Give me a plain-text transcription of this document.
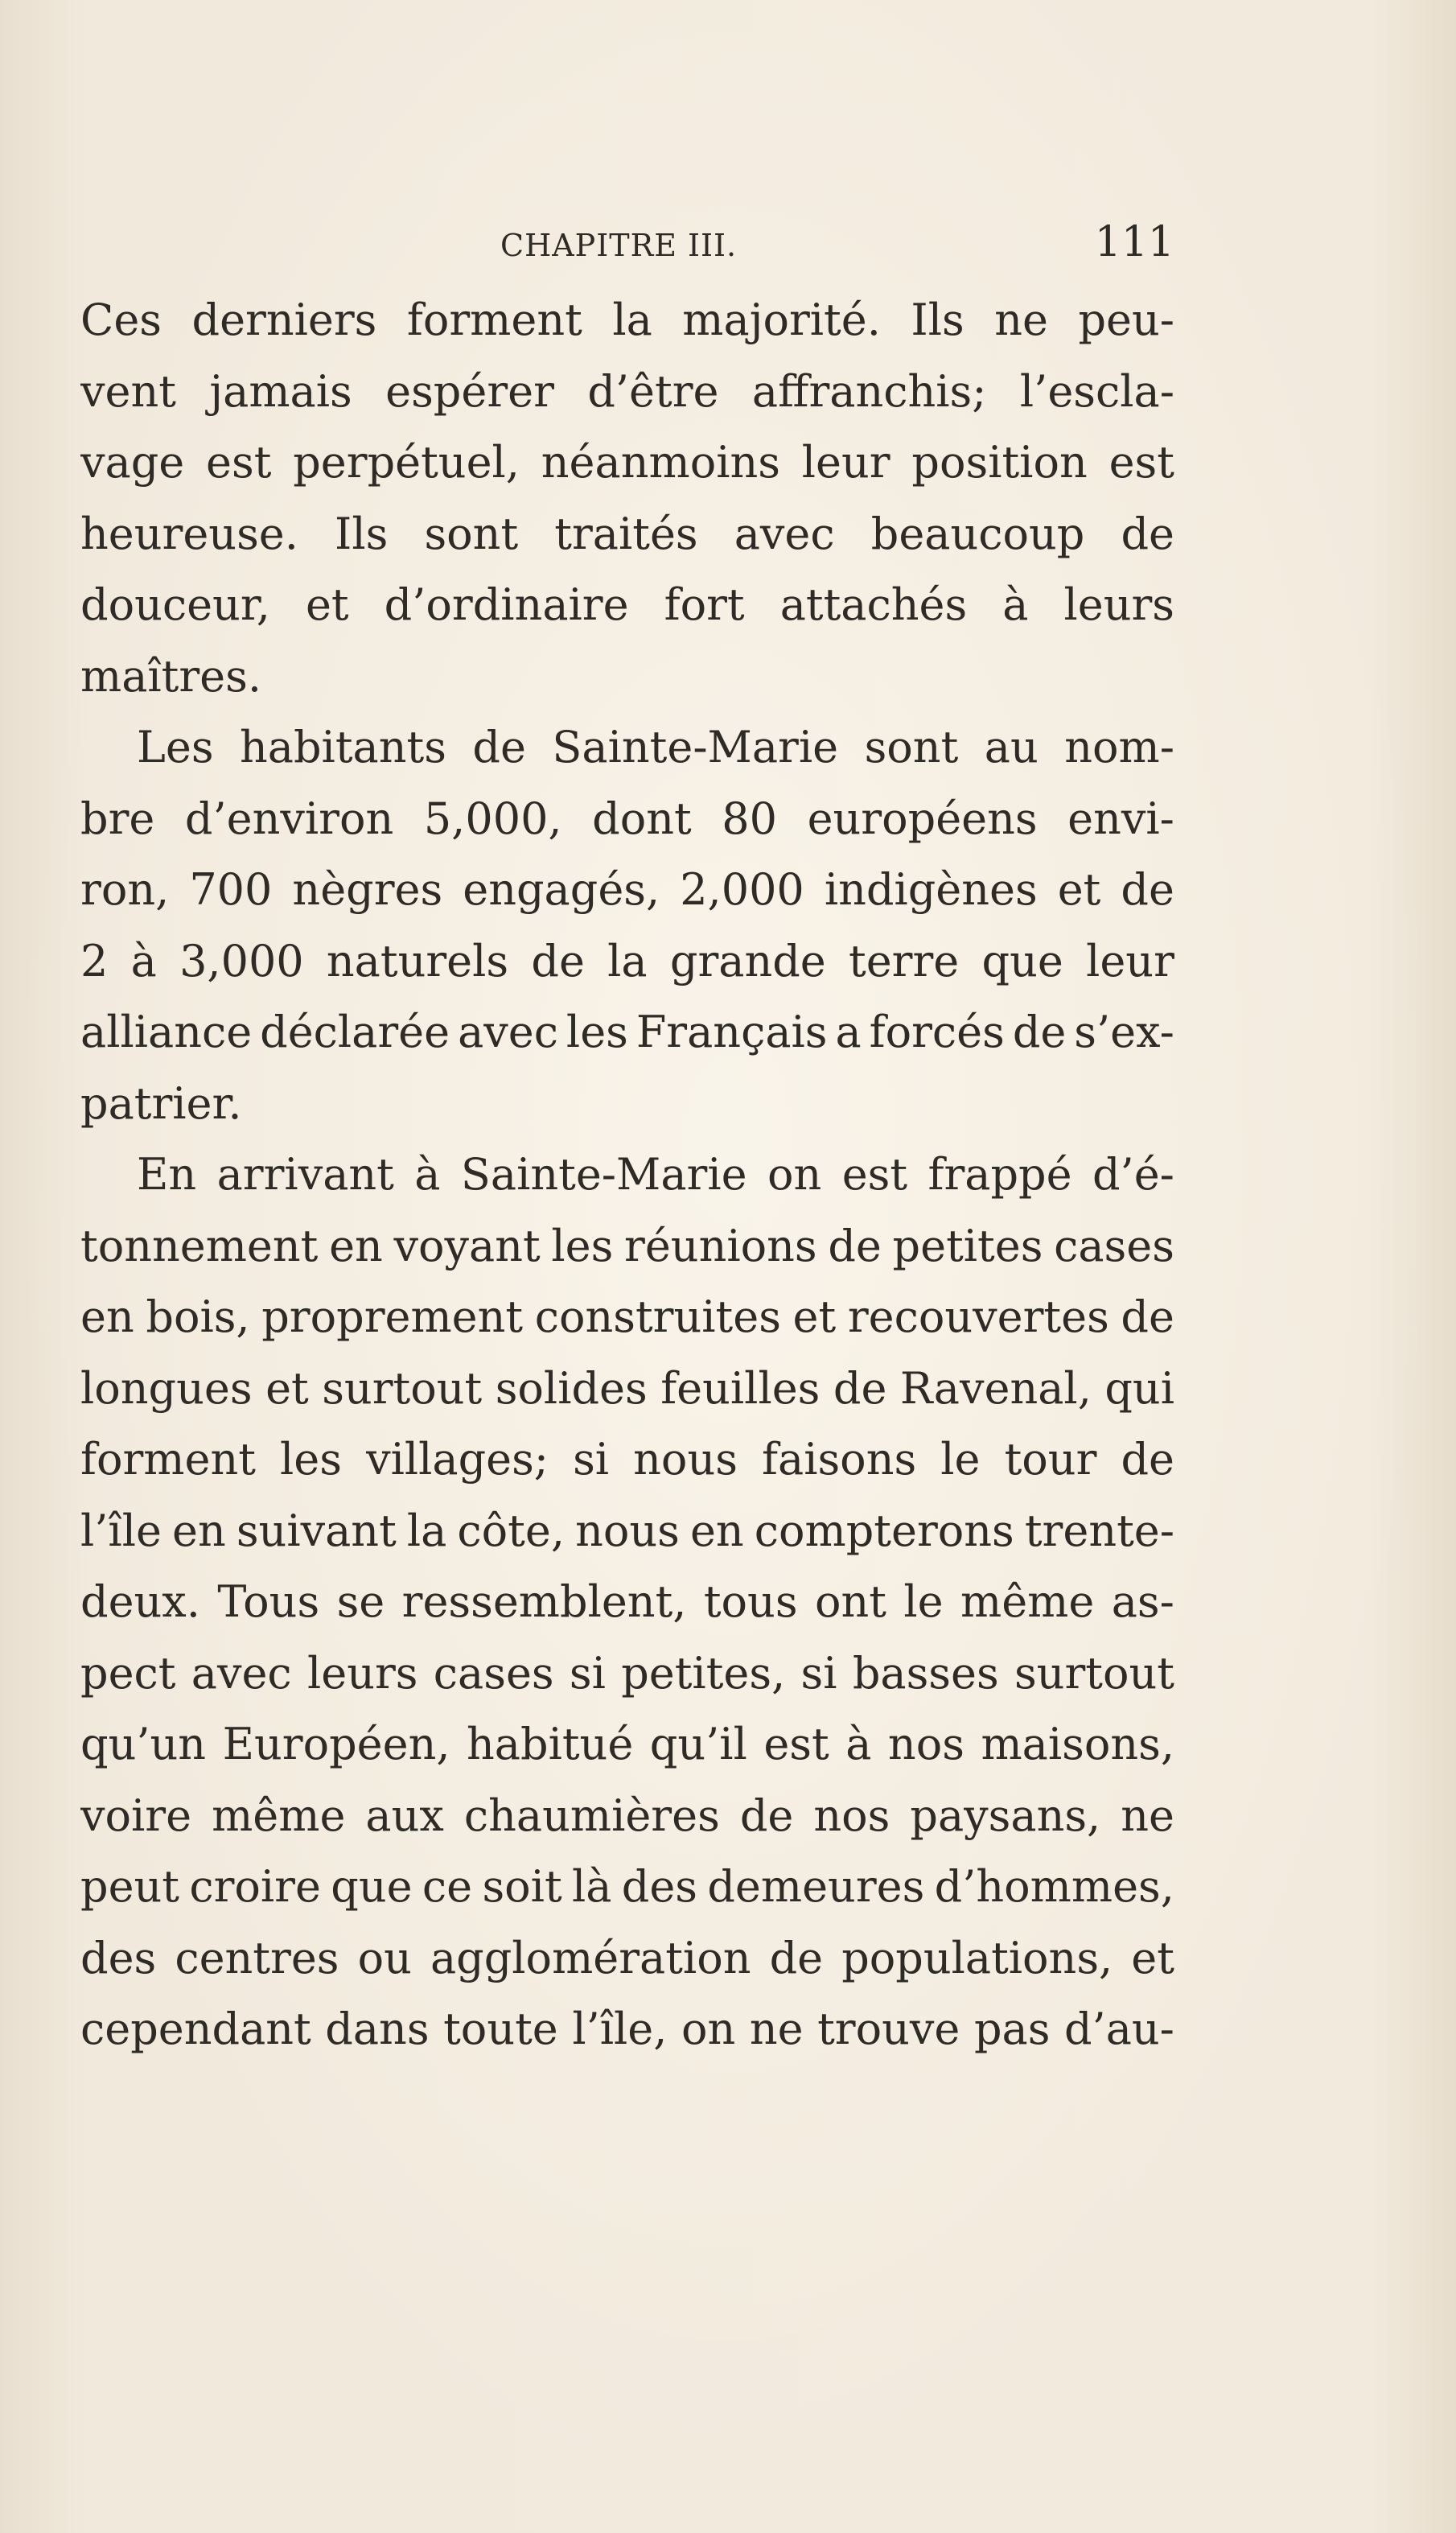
CHAPITRE III.	111
Ces derniers forment la majorité. Ils ne peu-
vent jamais espérer d’être affranchis; l’escla-
vage est perpétuel, néanmoins leur position est
heureuse. Ils sont traités avec beaucoup de
douceur, et d’ordinaire fort attachés à leurs
maîtres.
Les habitants de Sainte-Marie sont au nom-
bre d’environ 5,000, dont 80 européens envi-
ron, 700 nègres engagés, 2,000 indigènes et de
2 à 3,000 naturels de la grande terre que leur
alliance déclarée avec les Français a forcés de s’ex-
patrier.
En arrivant à Sainte-Marie on est frappé d’é-
tonnement en voyant les réunions de petites cases
en bois, proprement construites et recouvertes de
longues et surtout solides feuilles de Ravenal, qui
forment les villages; si nous faisons le tour de
l’île en suivant la côte, nous en compterons trente-
deux. Tous se ressemblent, tous ont le même as-
pect avec leurs cases si petites, si basses surtout
qu’un Européen, habitué qu’il est à nos maisons,
voire même aux chaumières de nos paysans, ne
peut croire que ce soit là des demeures d’hommes,
des centres ou agglomération de populations, et
cependant dans toute l’île, on ne trouve pas d’au-
